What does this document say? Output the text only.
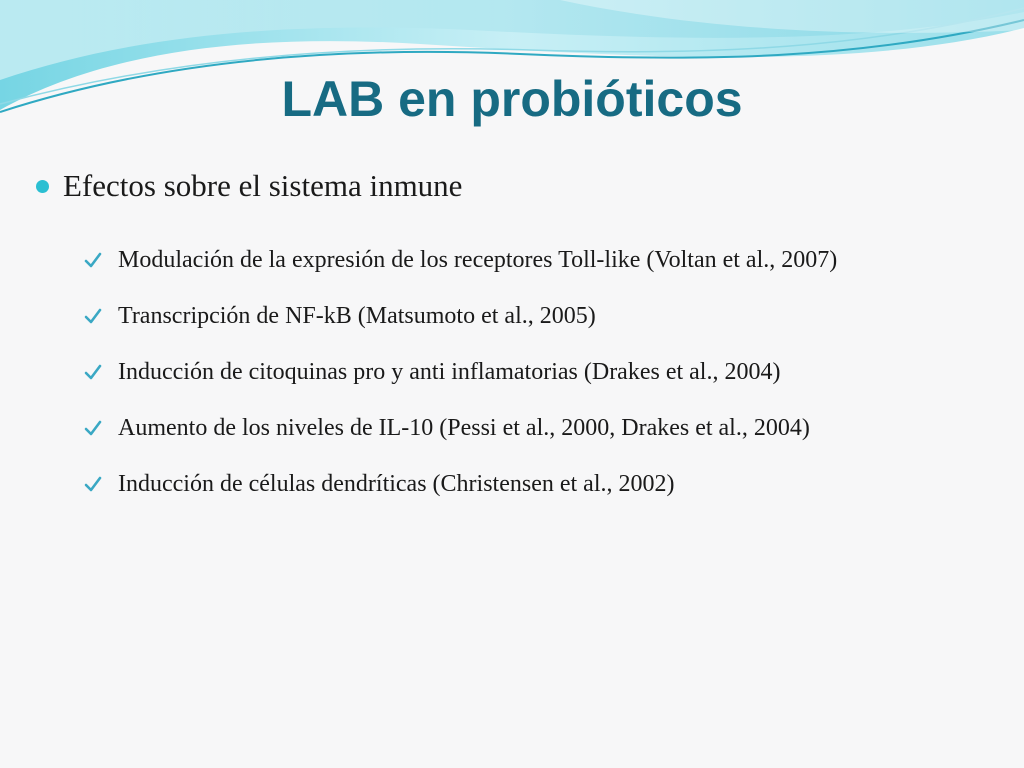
LAB en probióticos
Efectos sobre el sistema inmune
Modulación de la expresión de los receptores Toll-like (Voltan et al., 2007)
Transcripción de NF-kB (Matsumoto et al., 2005)
Inducción de citoquinas pro y anti inflamatorias (Drakes et al., 2004)
Aumento de los niveles de IL-10 (Pessi et al., 2000, Drakes et al., 2004)
Inducción de células dendríticas (Christensen et al., 2002)
